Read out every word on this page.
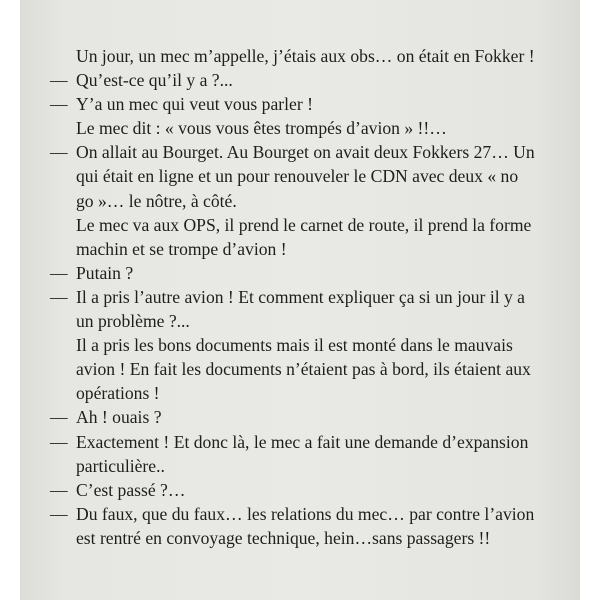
Un jour, un mec m’appelle, j’étais aux obs… on était en Fokker !
— Qu’est-ce qu’il y a ?...
— Y’a un mec qui veut vous parler !
Le mec dit : « vous vous êtes trompés d’avion » !!…
— On allait au Bourget. Au Bourget on avait deux Fokkers 27… Un
qui était en ligne et un pour renouveler le CDN avec deux « no
go »… le nôtre, à côté.
Le mec va aux OPS, il prend le carnet de route, il prend la forme
machin et se trompe d’avion !
— Putain ?
— Il a pris l’autre avion ! Et comment expliquer ça si un jour il y a
un problème ?...
Il a pris les bons documents mais il est monté dans le mauvais
avion ! En fait les documents n’étaient pas à bord, ils étaient aux
opérations !
— Ah ! ouais ?
— Exactement ! Et donc là, le mec a fait une demande d’expansion
particulière..
— C’est passé ?…
— Du faux, que du faux… les relations du mec… par contre l’avion
est rentré en convoyage technique, hein…sans passagers !!
